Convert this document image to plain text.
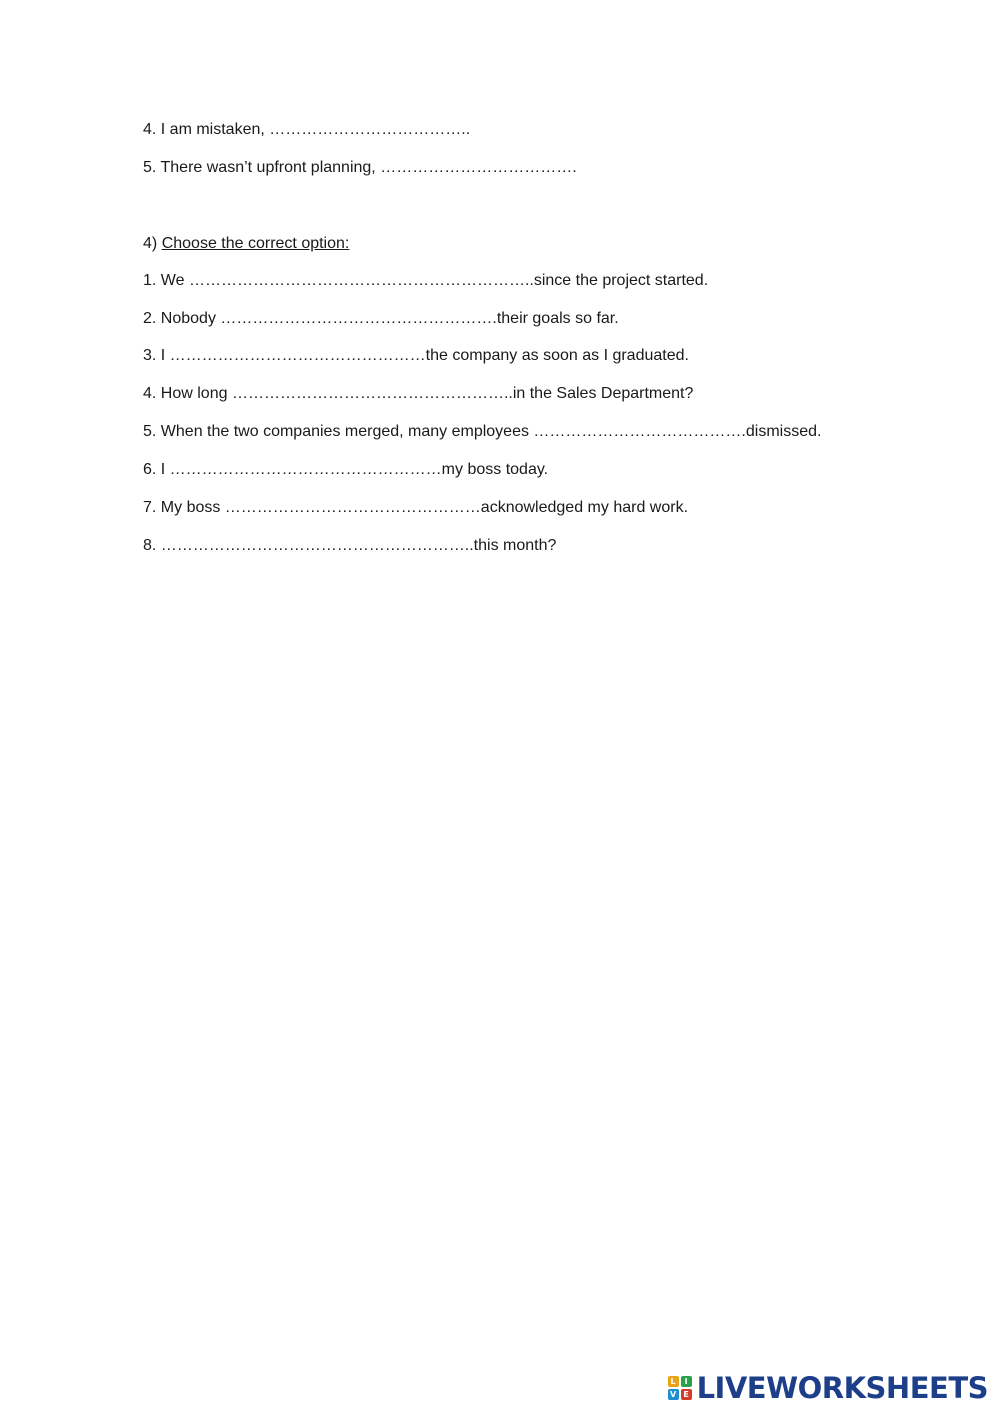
4. I am mistaken, ………………………………..
5. There wasn’t upfront planning, ……………………………….
4) Choose the correct option:
1. We ………………………………………………………..since the project started.
2. Nobody …………………………………………….their goals so far.
3. I …………………………………………the company as soon as I graduated.
4. How long ……………………………………………..in the Sales Department?
5. When the two companies merged, many employees ………………………………….dismissed.
6. I ……………………………………………my boss today.
7. My boss …………………………………………acknowledged my hard work.
8. …………………………………………………..this month?
L	I
V E LIVEWORKSHEETS
